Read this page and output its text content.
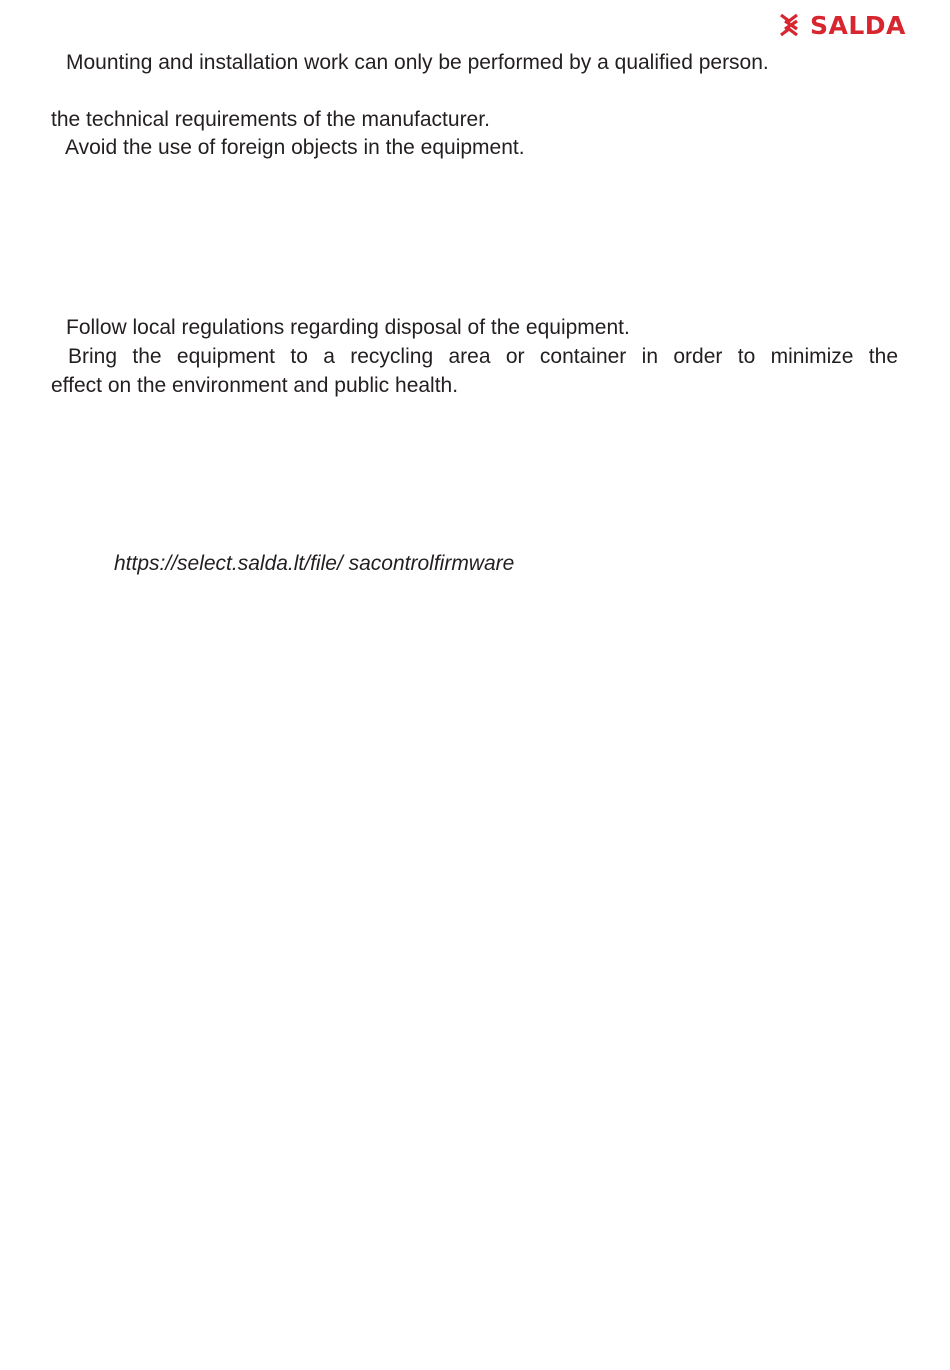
SALDA

Mounting and installation work can only be performed by a qualified person.

the technical requirements of the manufacturer.

Avoid the use of foreign objects in the equipment.

Follow local regulations regarding disposal of the equipment.

Bring the equipment to a recycling area or container in order to minimize the
effect on the environment and public health.

https://select.salda.lt/file/ sacontrolfirmware
